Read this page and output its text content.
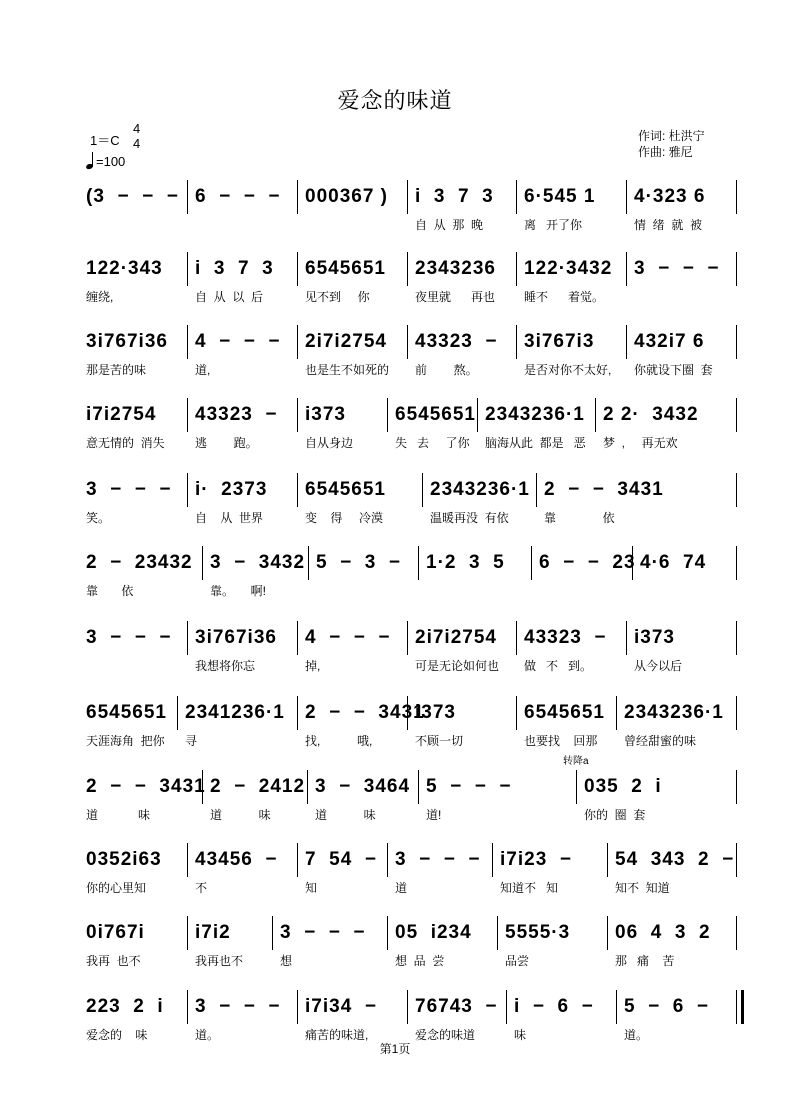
爱念的味道
1＝C
4
4
=100
作词: 杜洪宁
作曲: 雅尼
(3  −  −  − 6  −  −  − 000367 ) i  3  7  3
自  从  那  晚
6·545 1
离   开了你
4·323 6
情  绪  就  被
122·343
缠绕,
i  3  7  3
自  从  以  后
6545651
见不到     你
2343236
夜里就      再也
122·3432
睡不      着觉。
3  −  −  −
3i767i36
那是苦的味
4  −  −  −
道,
2i7i2754
也是生不如死的
43323  −
前        熬。
3i767i3
是否对你不太好,
432i7 6
你就设下圈  套
i7i2754
意无情的  消失
43323  −
逃        跑。
i373
自从身边
6545651
失   去     了你
2343236·1
脑海从此  都是   恶
2 2·  3432
梦  ,     再无欢
3  −  −  −
笑。
i·  2373
自    从  世界
6545651
变    得     冷漠
2343236·1
温暖再没  有依
2  −  −  3431
靠              依
2  −  23432
靠       依
3  −  3432
靠。     啊!
5  −  3  − 1·2  3  5 6  −  −  23 4·6  74
3  −  −  − 3i767i36
我想将你忘
4  −  −  −
掉,
2i7i2754
可是无论如何也
43323  −
做   不   到。
i373
从今以后
6545651
天涯海角  把你
2341236·1
寻
2  −  −  3431
找,           哦,
i373
不顾一切
6545651
也要找    回那
2343236·1
曾经甜蜜的味
2  −  −  3431
道            味
2  −  2412
道           味
3  −  3464
道           味
5  −  −  −
道!
035  2  i
你的  圈  套
0352i63
你的心里知
43456  −
不
7  54  −
知
3  −  −  −
道
i7i23  −
知道不   知
54  343  2  −
知不  知道
0i767i
我再  也不
i7i2
我再也不
3  −  −  −
想
05  i234
想  品  尝
5555·3
品尝
06  4  3  2
那   痛    苦
223  2  i
爱念的    味
3  −  −  −
道。
i7i34  −
痛苦的味道,
76743  −
爱念的味道
i  −  6  −
味
5  −  6  −
道。
转降a
第1页
